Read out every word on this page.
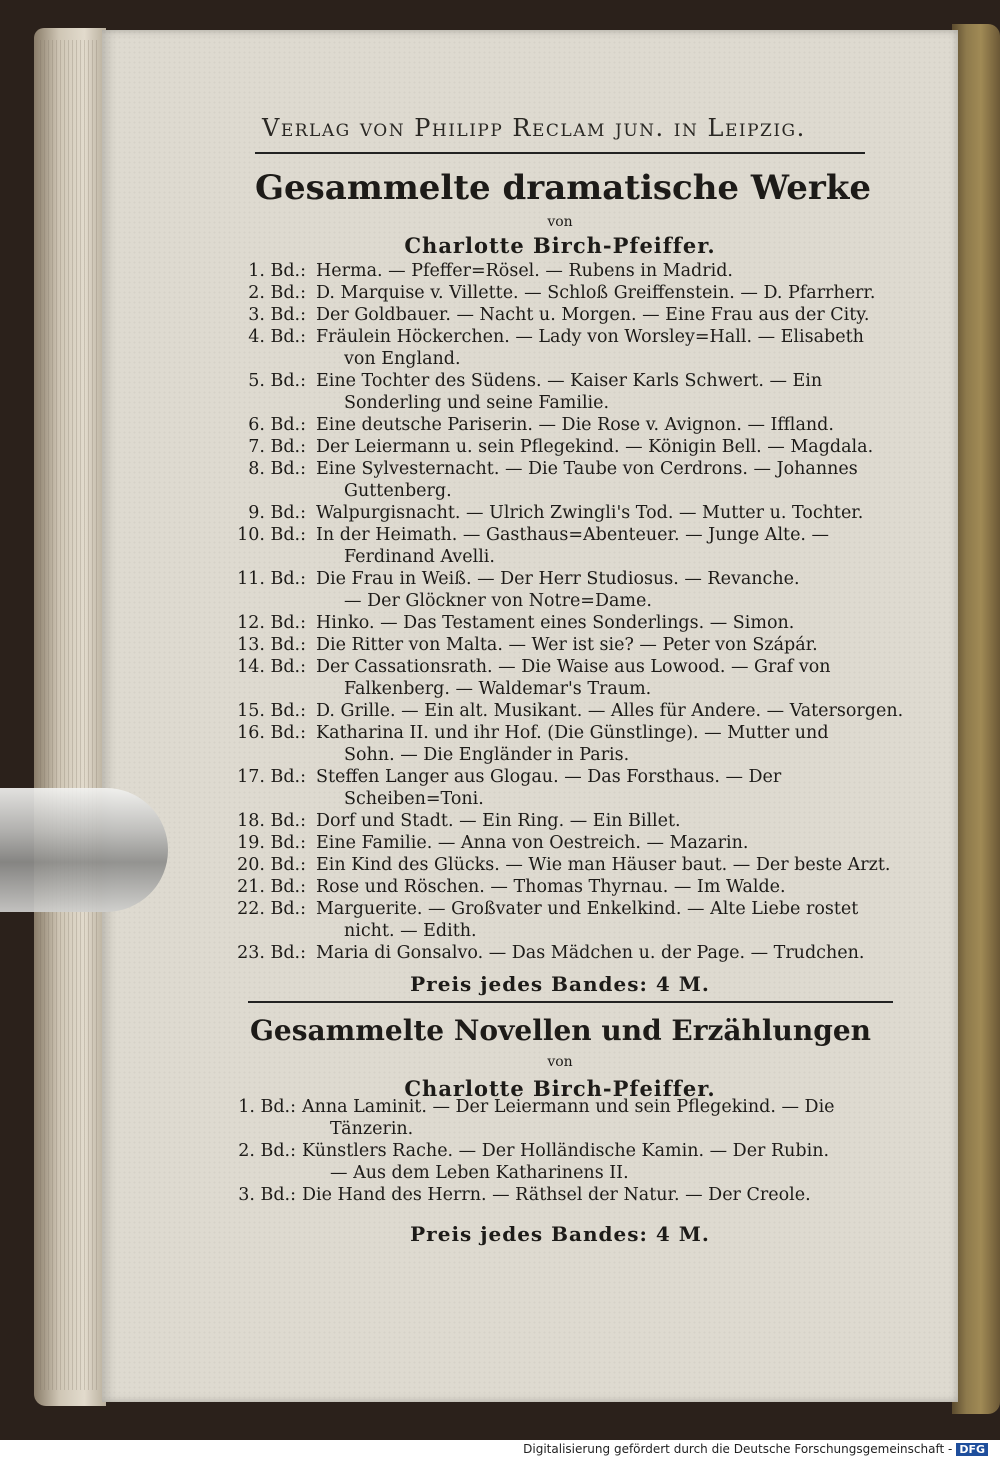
Verlag von Philipp Reclam jun. in Leipzig.
Gesammelte dramatische Werke
von
Charlotte Birch-Pfeiffer.
1. Bd.: Herma. — Pfeffer=Rösel. — Rubens in Madrid.
2. Bd.: D. Marquise v. Villette. — Schloß Greiffenstein. — D. Pfarrherr.
3. Bd.: Der Goldbauer. — Nacht u. Morgen. — Eine Frau aus der City.
4. Bd.: Fräulein Höckerchen. — Lady von Worsley=Hall. — Elisabeth
von England.
5. Bd.: Eine Tochter des Südens. — Kaiser Karls Schwert. — Ein
Sonderling und seine Familie.
6. Bd.: Eine deutsche Pariserin. — Die Rose v. Avignon. — Iffland.
7. Bd.: Der Leiermann u. sein Pflegekind. — Königin Bell. — Magdala.
8. Bd.: Eine Sylvesternacht. — Die Taube von Cerdrons. — Johannes
Guttenberg.
9. Bd.: Walpurgisnacht. — Ulrich Zwingli's Tod. — Mutter u. Tochter.
10. Bd.: In der Heimath. — Gasthaus=Abenteuer. — Junge Alte. —
Ferdinand Avelli.
11. Bd.: Die Frau in Weiß. — Der Herr Studiosus. — Revanche.
— Der Glöckner von Notre=Dame.
12. Bd.: Hinko. — Das Testament eines Sonderlings. — Simon.
13. Bd.: Die Ritter von Malta. — Wer ist sie? — Peter von Szápár.
14. Bd.: Der Cassationsrath. — Die Waise aus Lowood. — Graf von
Falkenberg. — Waldemar's Traum.
15. Bd.: D. Grille. — Ein alt. Musikant. — Alles für Andere. — Vatersorgen.
16. Bd.: Katharina II. und ihr Hof. (Die Günstlinge). — Mutter und
Sohn. — Die Engländer in Paris.
17. Bd.: Steffen Langer aus Glogau. — Das Forsthaus. — Der
Scheiben=Toni.
18. Bd.: Dorf und Stadt. — Ein Ring. — Ein Billet.
19. Bd.: Eine Familie. — Anna von Oestreich. — Mazarin.
20. Bd.: Ein Kind des Glücks. — Wie man Häuser baut. — Der beste Arzt.
21. Bd.: Rose und Röschen. — Thomas Thyrnau. — Im Walde.
22. Bd.: Marguerite. — Großvater und Enkelkind. — Alte Liebe rostet
nicht. — Edith.
23. Bd.: Maria di Gonsalvo. — Das Mädchen u. der Page. — Trudchen.
Preis jedes Bandes: 4 M.
Gesammelte Novellen und Erzählungen
von
Charlotte Birch-Pfeiffer.
1. Bd.: Anna Laminit. — Der Leiermann und sein Pflegekind. — Die
Tänzerin.
2. Bd.: Künstlers Rache. — Der Holländische Kamin. — Der Rubin.
— Aus dem Leben Katharinens II.
3. Bd.: Die Hand des Herrn. — Räthsel der Natur. — Der Creole.
Preis jedes Bandes: 4 M.
Digitalisierung gefördert durch die Deutsche Forschungsgemeinschaft - DFG
